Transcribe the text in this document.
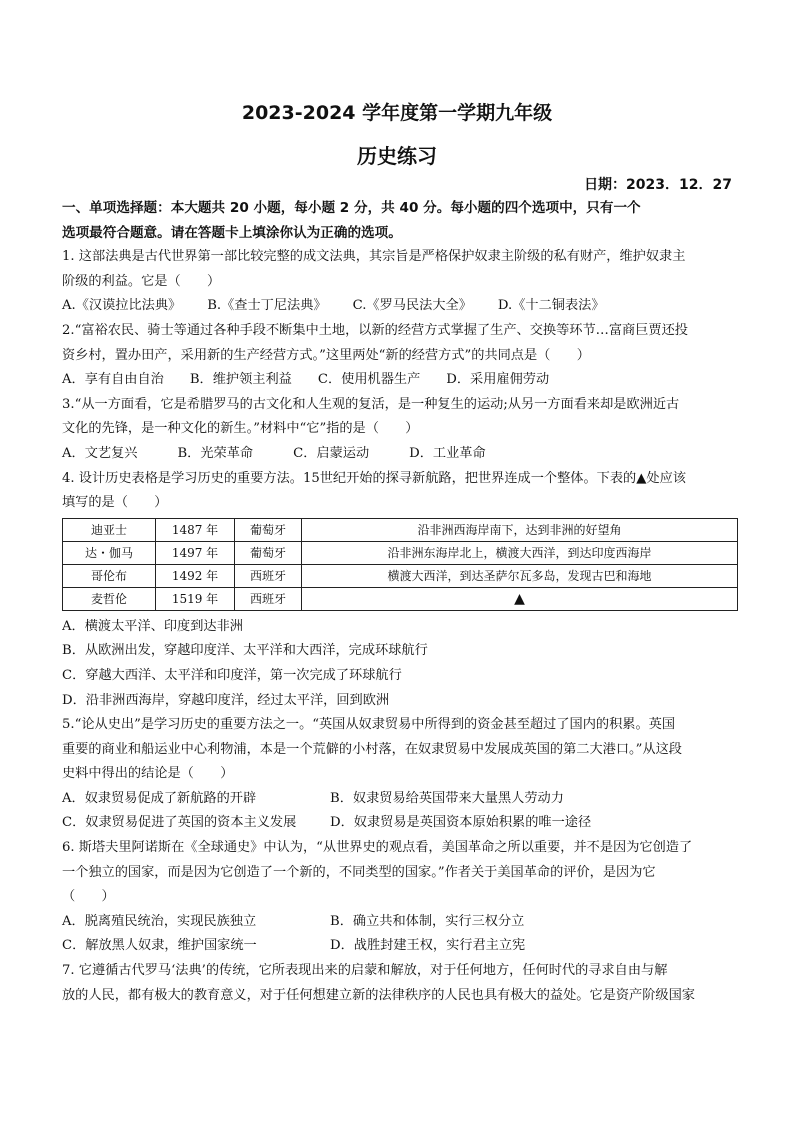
2023-2024 学年度第一学期九年级
历史练习
日期：2023．12．27
一、单项选择题：本大题共 20 小题，每小题 2 分，共 40 分。每小题的四个选项中，只有一个
选项最符合题意。请在答题卡上填涂你认为正确的选项。
1. 这部法典是古代世界第一部比较完整的成文法典，其宗旨是严格保护奴隶主阶级的私有财产，维护奴隶主
阶级的利益。它是（　　）
A.《汉谟拉比法典》 B.《查士丁尼法典》 C.《罗马民法大全》 D.《十二铜表法》
2.“富裕农民、骑士等通过各种手段不断集中土地，以新的经营方式掌握了生产、交换等环节…富商巨贾还投
资乡村，置办田产，采用新的生产经营方式。”这里两处“新的经营方式”的共同点是（　　）
A．享有自由自治 B．维护领主利益 C．使用机器生产 D．采用雇佣劳动
3.“从一方面看，它是希腊罗马的古文化和人生观的复活，是一种复生的运动;从另一方面看来却是欧洲近古
文化的先锋，是一种文化的新生。”材料中“它”指的是（　　）
A．文艺复兴	B．光荣革命	C．启蒙运动	D．工业革命
4. 设计历史表格是学习历史的重要方法。15世纪开始的探寻新航路，把世界连成一个整体。下表的▲处应该
填写的是（　　）
迪亚士	1487 年	葡萄牙	沿非洲西海岸南下，达到非洲的好望角
达・伽马	1497 年	葡萄牙	沿非洲东海岸北上，横渡大西洋，到达印度西海岸
哥伦布	1492 年	西班牙	横渡大西洋，到达圣萨尔瓦多岛，发现古巴和海地
麦哲伦	1519 年	西班牙	▲
A．横渡太平洋、印度到达非洲
B．从欧洲出发，穿越印度洋、太平洋和大西洋，完成环球航行
C．穿越大西洋、太平洋和印度洋，第一次完成了环球航行
D．沿非洲西海岸，穿越印度洋，经过太平洋，回到欧洲
5.“论从史出”是学习历史的重要方法之一。“英国从奴隶贸易中所得到的资金甚至超过了国内的积累。英国
重要的商业和船运业中心利物浦，本是一个荒僻的小村落，在奴隶贸易中发展成英国的第二大港口。”从这段
史料中得出的结论是（　　）
A．奴隶贸易促成了新航路的开辟	B．奴隶贸易给英国带来大量黑人劳动力
C．奴隶贸易促进了英国的资本主义发展	D．奴隶贸易是英国资本原始积累的唯一途径
6. 斯塔夫里阿诺斯在《全球通史》中认为，“从世界史的观点看，美国革命之所以重要，并不是因为它创造了
一个独立的国家，而是因为它创造了一个新的，不同类型的国家。”作者关于美国革命的评价，是因为它
（　　）
A．脱离殖民统治，实现民族独立	B．确立共和体制，实行三权分立
C．解放黑人奴隶，维护国家统一	D．战胜封建王权，实行君主立宪
7. 它遵循古代罗马‘法典’的传统，它所表现出来的启蒙和解放，对于任何地方，任何时代的寻求自由与解
放的人民，都有极大的教育意义，对于任何想建立新的法律秩序的人民也具有极大的益处。它是资产阶级国家
